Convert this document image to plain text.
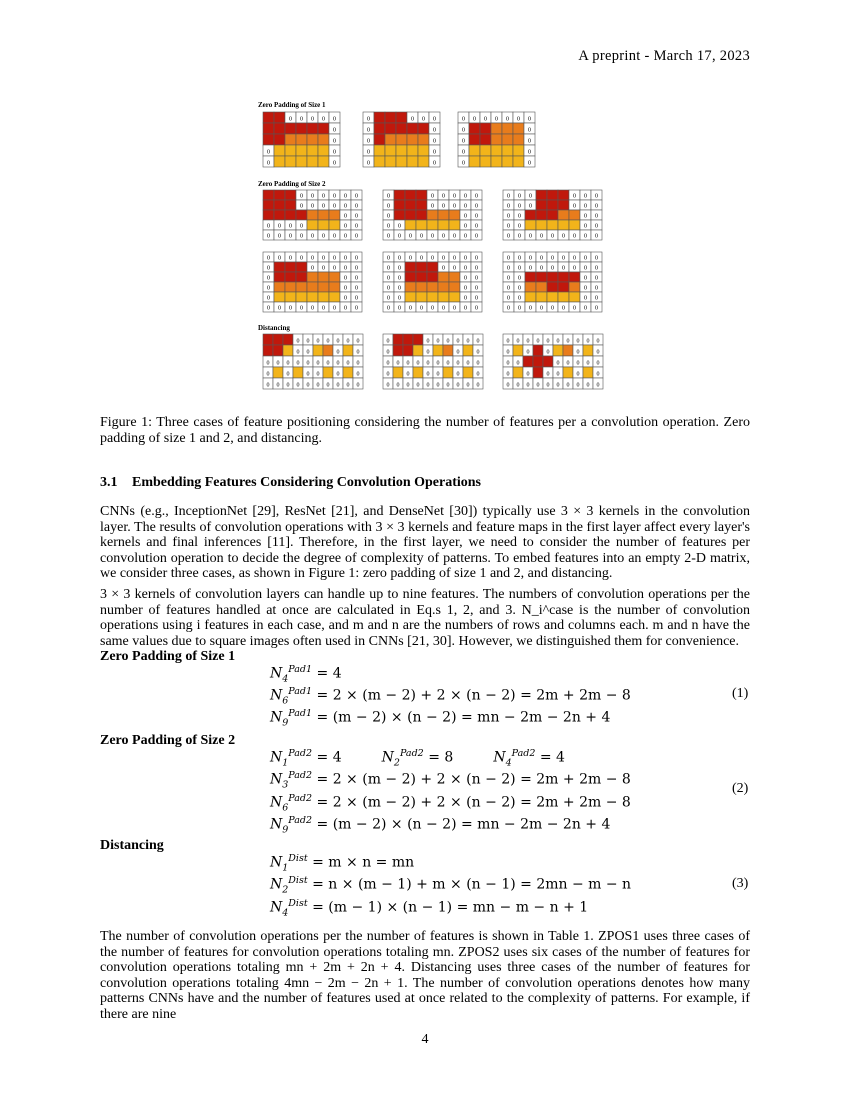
A preprint - March 17, 2023
Zero Padding of Size 1
0 0 0 0 0
0
0
0	0
0	0
0	0 0 0
0	0
0	0
0	0
0	0
0 0 0 0 0 0 0
0	0
0	0
0	0
0	0
Zero Padding of Size 2
0 0 0 0 0 0
0 0 0 0 0 0
0 0
0 0 0 0	0 0
0 0 0 0 0 0 0 0 0
0	0 0 0 0 0
0	0 0 0 0 0
0	0 0
0 0	0 0
0 0 0 0 0 0 0 0 0
0 0 0	0 0 0
0 0 0	0 0 0
0 0	0 0
0 0	0 0
0 0 0 0 0 0 0 0 0
0 0 0 0 0 0 0 0 0
0	0 0 0 0 0
0	0 0
0	0 0
0	0 0
0 0 0 0 0 0 0 0 0
0 0 0 0 0 0 0 0 0
0 0	0 0 0 0
0 0	0 0
0 0	0 0
0 0	0 0
0 0 0 0 0 0 0 0 0
0 0 0 0 0 0 0 0 0
0 0 0 0 0 0 0 0 0
0 0	0 0
0 0	0 0
0 0	0 0
0 0 0 0 0 0 0 0 0
Distancing
0 0 0 0 0 0 0
0 0	0	0
0 0 0 0 0 0 0 0 0 0
0	0	0 0	0	0
0 0 0 0 0 0 0 0 0 0
0	0 0 0 0 0 0
0	0	0	0
0 0 0 0 0 0 0 0 0 0
0	0	0 0	0	0
0 0 0 0 0 0 0 0 0 0
0 0 0 0 0 0 0 0 0 0
0	0	0	0	0
0 0	0 0 0 0 0
0	0	0 0	0	0
0 0 0 0 0 0 0 0 0 0
Figure 1: Three cases of feature positioning considering the number of features per a convolution operation. Zero padding of size 1 and 2, and distancing.
3.1 Embedding Features Considering Convolution Operations
CNNs (e.g., InceptionNet [29], ResNet [21], and DenseNet [30]) typically use 3 × 3 kernels in the convolution layer. The results of convolution operations with 3 × 3 kernels and feature maps in the first layer affect every layer's kernels and final inferences [11]. Therefore, in the first layer, we need to consider the number of features per convolution operation to decide the degree of complexity of patterns. To embed features into an empty 2-D matrix, we consider three cases, as shown in Figure 1: zero padding of size 1 and 2, and distancing.
3 × 3 kernels of convolution layers can handle up to nine features. The numbers of convolution operations per the number of features handled at once are calculated in Eq.s 1, 2, and 3. N_i^case is the number of convolution operations using i features in each case, and m and n are the numbers of rows and columns each. m and n have the same values due to square images often used in CNNs [21, 30]. However, we distinguished them for convenience.
Zero Padding of Size 1
$N_4^{Pad1} = 4$
$N_6^{Pad1} = 2 \times (m - 2) + 2 \times (n - 2) = 2m + 2m - 8$
$N_9^{Pad1} = (m - 2) \times (n - 2)$ = mn − 2m − 2n + 4
(1)
Zero Padding of Size 2
$N_1^{Pad2} = 4$	$N_2^{Pad2} = 8$	$N_4^{Pad2} = 4$
$N_3^{Pad2} = 2 \times (m - 2) + 2 \times (n - 2) = 2m + 2m - 8$
$N_6^{Pad2} = 2 \times (m - 2) + 2 \times (n - 2) = 2m + 2m - 8$
$N_9^{Pad2} = (m - 2) \times (n - 2)$ = mn − 2m − 2n + 4
(2)
Distancing
$N_1^{Dist} = m \times n$ = mn
$N_2^{Dist} = n \times (m - 1) + m \times (n - 1) = 2mn - m - n$
$N_4^{Dist} = (m - 1) \times (n - 1)$ = mn − m − n + 1
(3)
The number of convolution operations per the number of features is shown in Table 1. ZPOS1 uses three cases of the number of features for convolution operations totaling mn. ZPOS2 uses six cases of the number of features for convolution operations totaling mn + 2m + 2n + 4. Distancing uses three cases of the number of features for convolution operations totaling 4mn − 2m − 2n + 1. The number of convolution operations denotes how many patterns CNNs have and the number of features used at once related to the complexity of patterns. For example, if there are nine
4
